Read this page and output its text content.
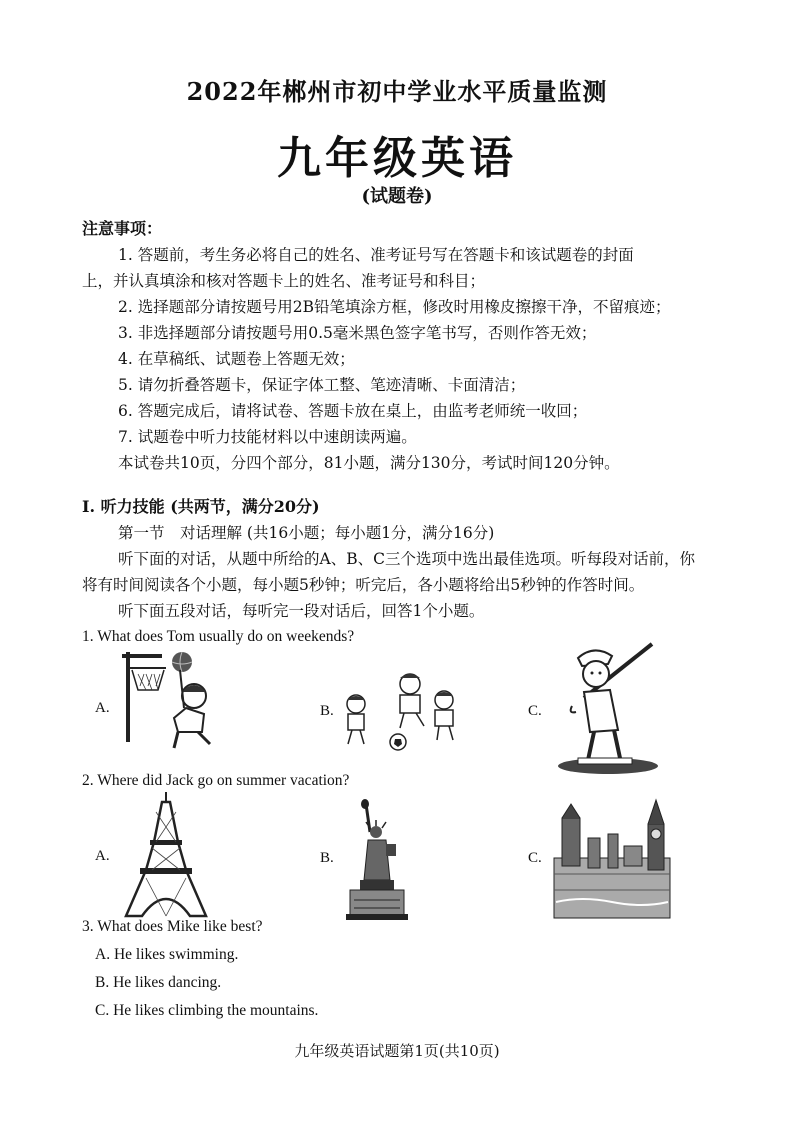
2022年郴州市初中学业水平质量监测
九年级英语
(试题卷)
注意事项：
1. 答题前，考生务必将自己的姓名、准考证号写在答题卡和该试题卷的封面
上，并认真填涂和核对答题卡上的姓名、准考证号和科目；
2. 选择题部分请按题号用2B铅笔填涂方框，修改时用橡皮擦擦干净，不留痕迹；
3. 非选择题部分请按题号用0.5毫米黑色签字笔书写，否则作答无效；
4. 在草稿纸、试题卷上答题无效；
5. 请勿折叠答题卡，保证字体工整、笔迹清晰、卡面清洁；
6. 答题完成后，请将试卷、答题卡放在桌上，由监考老师统一收回；
7. 试题卷中听力技能材料以中速朗读两遍。
本试卷共10页，分四个部分，81小题，满分130分，考试时间120分钟。
Ⅰ. 听力技能 (共两节，满分20分)
第一节　对话理解 (共16小题；每小题1分，满分16分)
听下面的对话，从题中所给的A、B、C三个选项中选出最佳选项。听每段对话前，你
将有时间阅读各个小题，每小题5秒钟；听完后，各小题将给出5秒钟的作答时间。
听下面五段对话，每听完一段对话后，回答1个小题。
1. What does Tom usually do on weekends?
A.	B.	C.
2. Where did Jack go on summer vacation?
A.	B.	C.
3. What does Mike like best?
A. He likes swimming.
B. He likes dancing.
C. He likes climbing the mountains.
九年级英语试题第1页(共10页)
